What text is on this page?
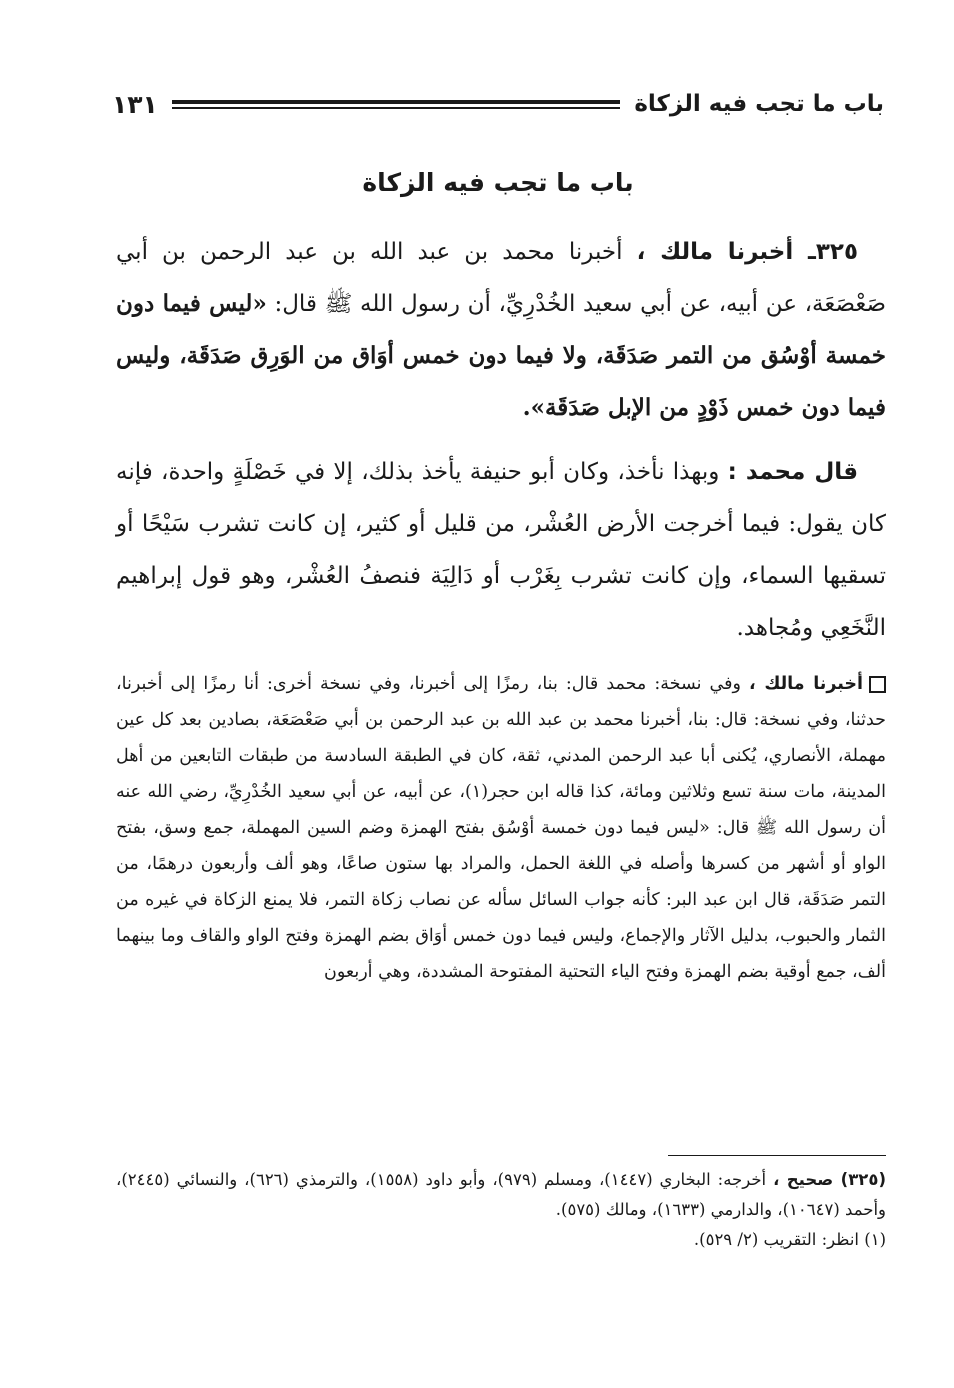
باب ما تجب فيه الزكاة
١٣١
باب ما تجب فيه الزكاة

٣٢٥ـ أخبرنا مالك ، أخبرنا محمد بن عبد الله بن عبد الرحمن بن أبي صَعْصَعَة، عن أبيه، عن أبي سعيد الخُدْرِيِّ، أن رسول الله ﷺ قال: «ليس فيما دون خمسة أوْسُق من التمر صَدَقَة، ولا فيما دون خمس أوَاق من الوَرِق صَدَقَة، وليس فيما دون خمس ذَوْدٍ من الإبل صَدَقَة».

قال محمد : وبهذا نأخذ، وكان أبو حنيفة يأخذ بذلك، إلا في خَصْلَةٍ واحدة، فإنه كان يقول: فيما أخرجت الأرض العُشْر، من قليل أو كثير، إن كانت تشرب سَيْحًا أو تسقيها السماء، وإن كانت تشرب بِغَرْب أو دَالِيَة فنصفُ العُشْر، وهو قول إبراهيم النَّخَعِي ومُجاهد.

أخبرنا مالك ، وفي نسخة: محمد قال: بنا، رمزًا إلى أخبرنا، وفي نسخة أخرى: أنا رمزًا إلى أخبرنا، حدثنا، وفي نسخة: قال: بنا، أخبرنا محمد بن عبد الله بن عبد الرحمن بن أبي صَعْصَعَة، بصادين بعد كل عين مهملة، الأنصاري، يُكنى أبا عبد الرحمن المدني، ثقة، كان في الطبقة السادسة من طبقات التابعين من أهل المدينة، مات سنة تسع وثلاثين ومائة، كذا قاله ابن حجر(١)، عن أبيه، عن أبي سعيد الخُدْرِيِّ، رضي الله عنه أن رسول الله ﷺ قال: «ليس فيما دون خمسة أوْسُق بفتح الهمزة وضم السين المهملة، جمع وسق، بفتح الواو أو أشهر من كسرها وأصله في اللغة الحمل، والمراد بها ستون صاعًا، وهو ألف وأربعون درهمًا، من التمر صَدَقَة، قال ابن عبد البر: كأنه جواب السائل سأله عن نصاب زكاة التمر، فلا يمنع الزكاة في غيره من الثمار والحبوب، بدليل الآثار والإجماع، وليس فيما دون خمس أوَاق بضم الهمزة وفتح الواو والقاف وما بينهما ألف، جمع أوقية بضم الهمزة وفتح الياء التحتية المفتوحة المشددة، وهي أربعون

(٣٢٥) صحيح ، أخرجه: البخاري (١٤٤٧)، ومسلم (٩٧٩)، وأبو داود (١٥٥٨)، والترمذي (٦٢٦)، والنسائي (٢٤٤٥)، وأحمد (١٠٦٤٧)، والدارمي (١٦٣٣)، ومالك (٥٧٥).

(١) انظر: التقريب (٢/ ٥٢٩).
